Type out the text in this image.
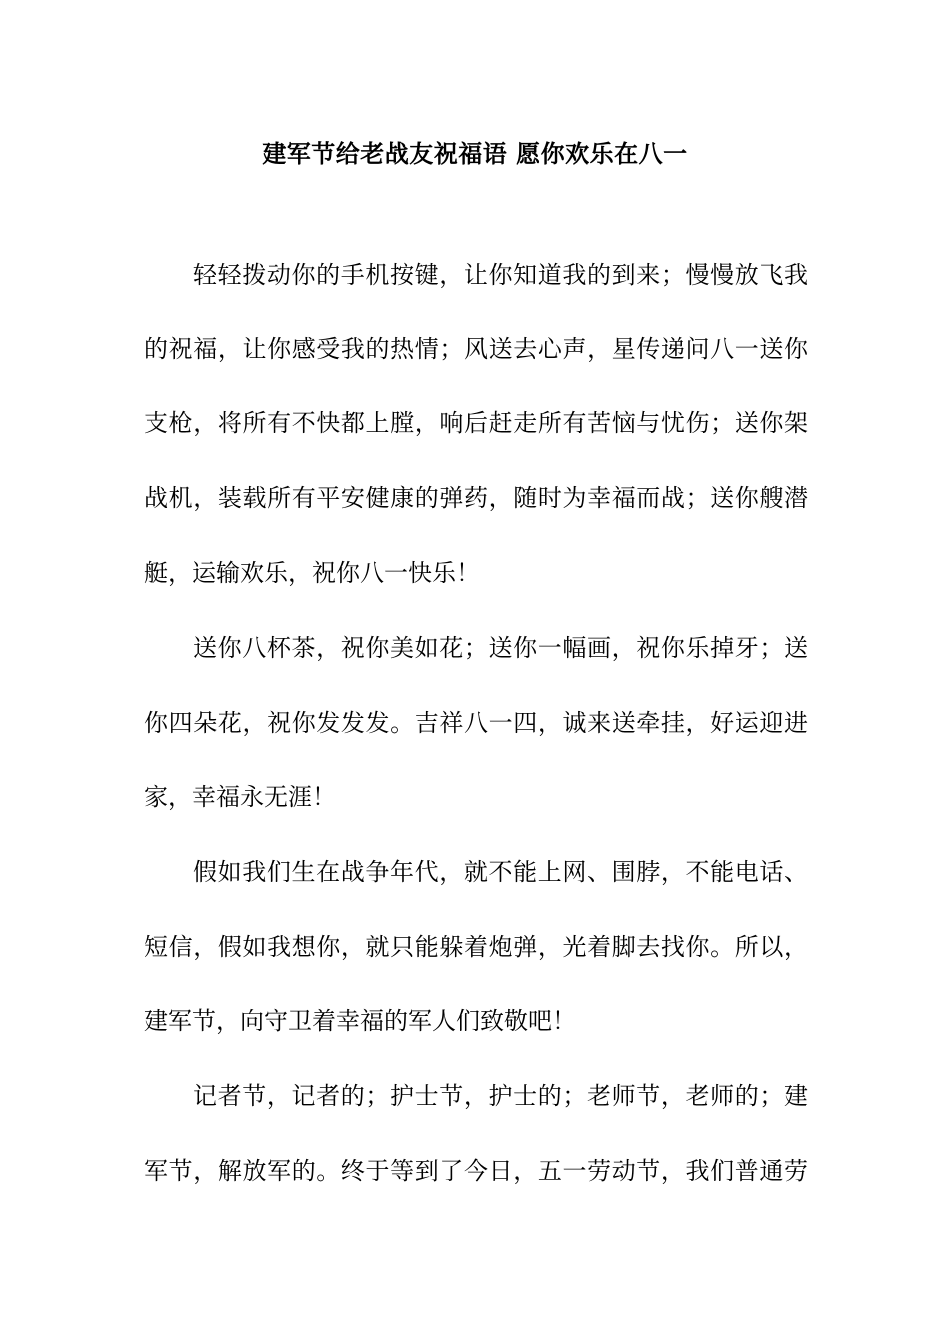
建军节给老战友祝福语 愿你欢乐在八一
轻轻拨动你的手机按键，让你知道我的到来；慢慢放飞我
的祝福，让你感受我的热情；风送去心声，星传递问八一送你
支枪，将所有不快都上膛，响后赶走所有苦恼与忧伤；送你架
战机，装载所有平安健康的弹药，随时为幸福而战；送你艘潜
艇，运输欢乐，祝你八一快乐！
送你八杯茶，祝你美如花；送你一幅画，祝你乐掉牙；送
你四朵花，祝你发发发。吉祥八一四，诚来送牵挂，好运迎进
家，幸福永无涯！
假如我们生在战争年代，就不能上网、围脖，不能电话、
短信，假如我想你，就只能躲着炮弹，光着脚去找你。所以，
建军节，向守卫着幸福的军人们致敬吧！
记者节，记者的；护士节，护士的；老师节，老师的；建
军节，解放军的。终于等到了今日，五一劳动节，我们普通劳
